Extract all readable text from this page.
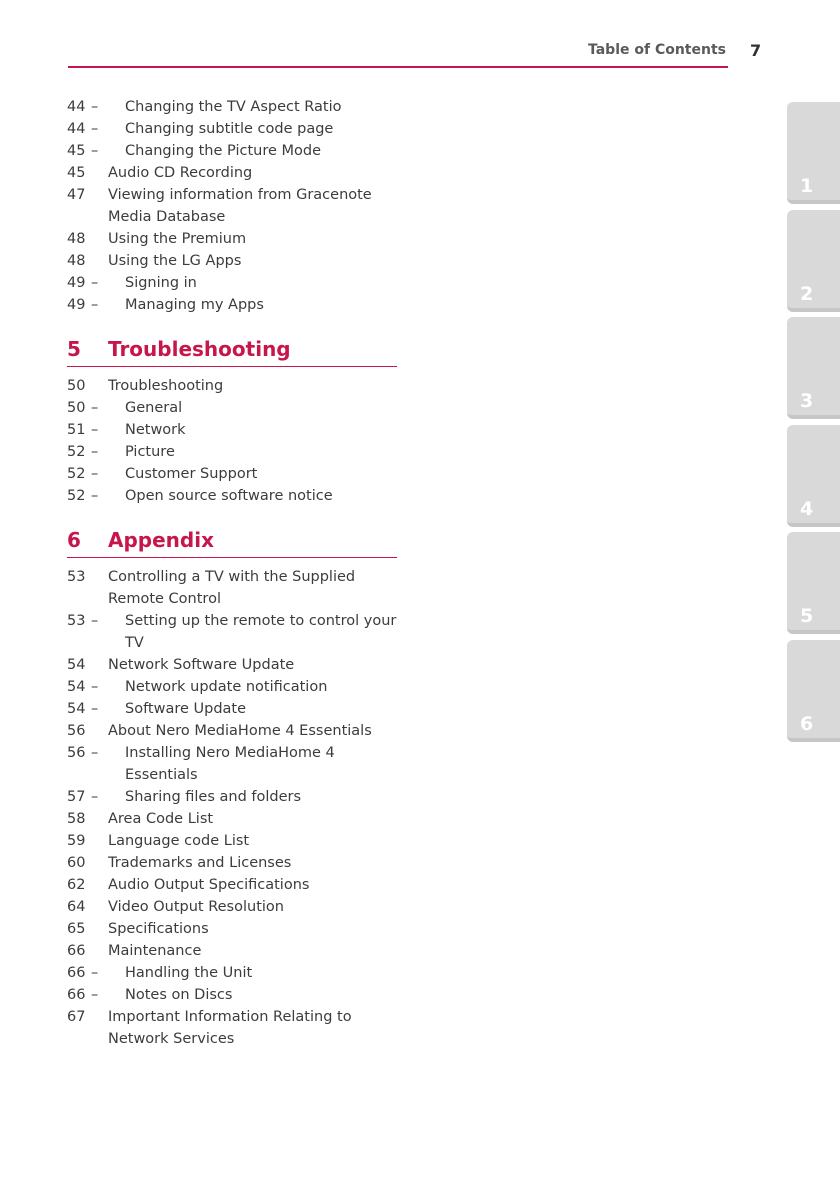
Table of Contents 7
44 – Changing the TV Aspect Ratio
44 – Changing subtitle code page
45 – Changing the Picture Mode
45	Audio CD Recording
47	Viewing information from Gracenote Media Database
48	Using the Premium
48	Using the LG Apps
49 – Signing in
49 – Managing my Apps
5	Troubleshooting
50	Troubleshooting
50 – General
51 – Network
52 – Picture
52 – Customer Support
52 – Open source software notice
6	Appendix
53	Controlling a TV with the Supplied Remote Control
53 – Setting up the remote to control your TV
54	Network Software Update
54 – Network update notification
54 – Software Update
56	About Nero MediaHome 4 Essentials
56 – Installing Nero MediaHome 4 Essentials
57 – Sharing files and folders
58	Area Code List
59	Language code List
60	Trademarks and Licenses
62	Audio Output Specifications
64	Video Output Resolution
65	Specifications
66	Maintenance
66 – Handling the Unit
66 – Notes on Discs
67	Important Information Relating to Network Services
1
2
3
4
5
6
